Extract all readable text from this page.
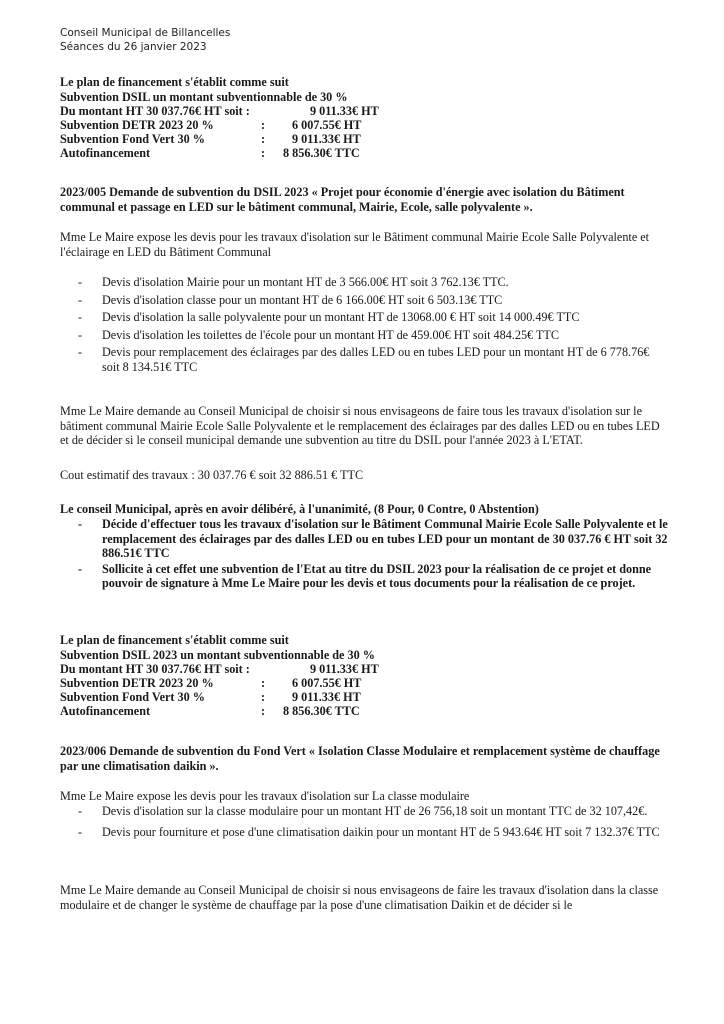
Conseil Municipal de Billancelles
Séances du 26 janvier 2023
Le plan de financement s'établit comme suit
Subvention DSIL un montant subventionnable de 30 %
Du montant HT 30 037.76€ HT soit :	9 011.33€ HT
Subvention DETR 2023 20 %	: 6 007.55€ HT
Subvention Fond Vert 30 %	: 9 011.33€ HT
Autofinancement	: 8 856.30€ TTC
2023/005 Demande de subvention du DSIL 2023 « Projet pour économie d'énergie avec isolation du Bâtiment communal et passage en LED sur le bâtiment communal, Mairie, Ecole, salle polyvalente ».
Mme Le Maire expose les devis pour les travaux d'isolation sur le Bâtiment communal Mairie Ecole Salle Polyvalente et l'éclairage en LED du Bâtiment Communal
- Devis d'isolation Mairie pour un montant HT de 3 566.00€ HT soit 3 762.13€ TTC.
- Devis d'isolation classe pour un montant HT de 6 166.00€ HT soit 6 503.13€ TTC
- Devis d'isolation la salle polyvalente pour un montant HT de 13068.00 € HT soit 14 000.49€ TTC
- Devis d'isolation les toilettes de l'école pour un montant HT de 459.00€ HT soit 484.25€ TTC
- Devis pour remplacement des éclairages par des dalles LED ou en tubes LED pour un montant HT de 6 778.76€ soit 8 134.51€ TTC
Mme Le Maire demande au Conseil Municipal de choisir si nous envisageons de faire tous les travaux d'isolation sur le bâtiment communal Mairie Ecole Salle Polyvalente et le remplacement des éclairages par des dalles LED ou en tubes LED et de décider si le conseil municipal demande une subvention au titre du DSIL pour l'année 2023 à L'ETAT.
Cout estimatif des travaux : 30 037.76 € soit 32 886.51 € TTC
Le conseil Municipal, après en avoir délibéré, à l'unanimité, (8 Pour, 0 Contre, 0 Abstention)
- Décide d'effectuer tous les travaux d'isolation sur le Bâtiment Communal Mairie Ecole Salle Polyvalente et le remplacement des éclairages par des dalles LED ou en tubes LED pour un montant de 30 037.76 € HT soit 32 886.51€ TTC
- Sollicite à cet effet une subvention de l'Etat au titre du DSIL 2023 pour la réalisation de ce projet et donne pouvoir de signature à Mme Le Maire pour les devis et tous documents pour la réalisation de ce projet.
Le plan de financement s'établit comme suit
Subvention DSIL 2023 un montant subventionnable de 30 %
Du montant HT 30 037.76€ HT soit :	9 011.33€ HT
Subvention DETR 2023 20 %	: 6 007.55€ HT
Subvention Fond Vert 30 %	: 9 011.33€ HT
Autofinancement	: 8 856.30€ TTC
2023/006 Demande de subvention du Fond Vert « Isolation Classe Modulaire et remplacement système de chauffage par une climatisation daikin ».
Mme Le Maire expose les devis pour les travaux d'isolation sur La classe modulaire
- Devis d'isolation sur la classe modulaire pour un montant HT de 26 756,18 soit un montant TTC de 32 107,42€.
- Devis pour fourniture et pose d'une climatisation daikin pour un montant HT de 5 943.64€ HT soit 7 132.37€ TTC
Mme Le Maire demande au Conseil Municipal de choisir si nous envisageons de faire les travaux d'isolation dans la classe modulaire et de changer le système de chauffage par la pose d'une climatisation Daikin et de décider si le
